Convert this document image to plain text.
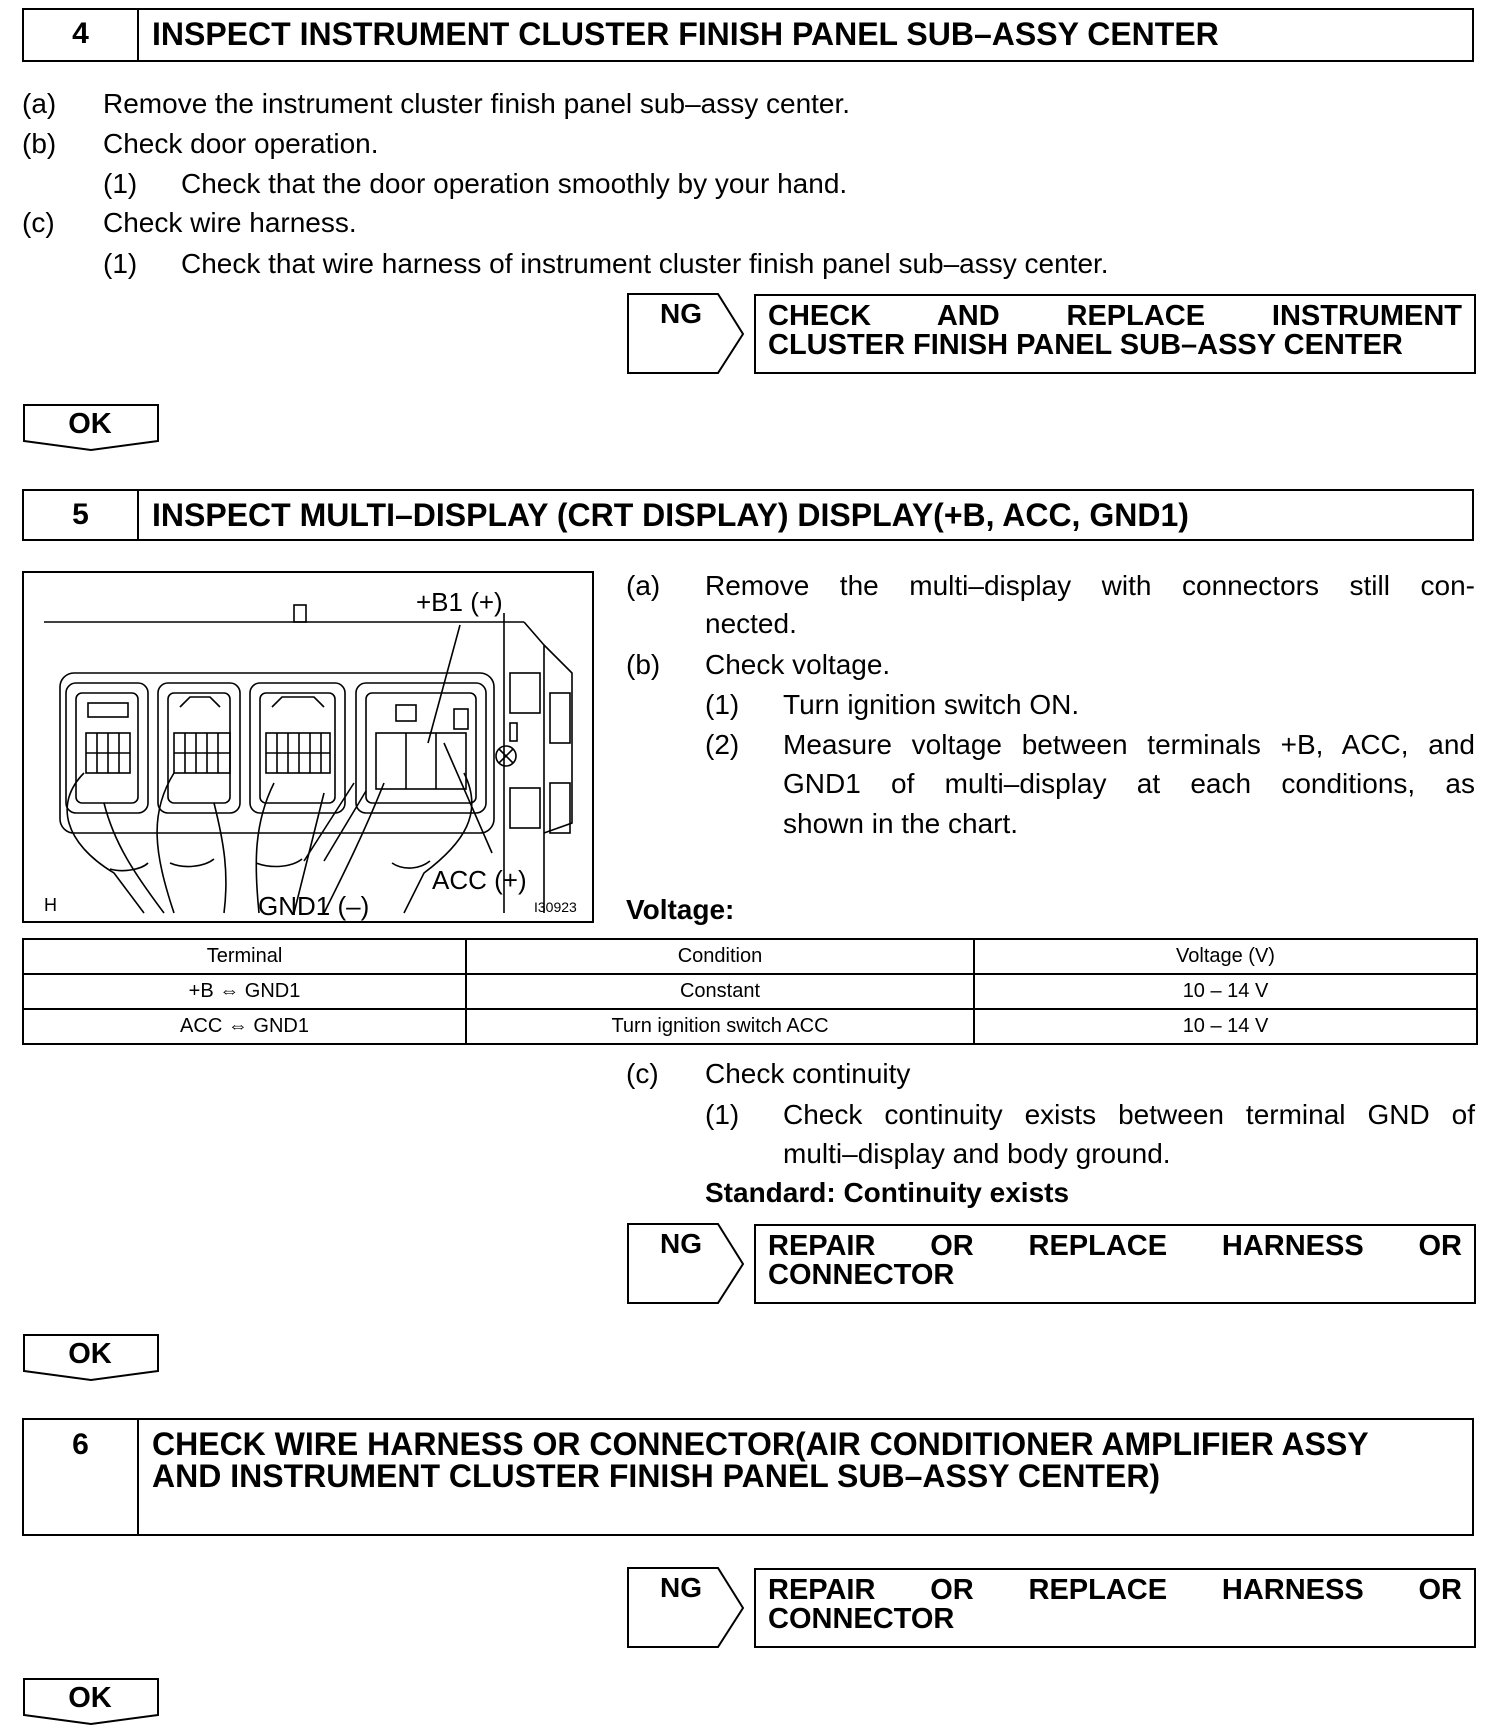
4	INSPECT INSTRUMENT CLUSTER FINISH PANEL SUB–ASSY CENTER
(a) Remove the instrument cluster finish panel sub–assy center.
(b) Check door operation.
(1) Check that the door operation smoothly by your hand.
(c) Check wire harness.
(1) Check that wire harness of instrument cluster finish panel sub–assy center.
NG CHECK AND REPLACE INSTRUMENT
CLUSTER FINISH PANEL SUB–ASSY CENTER
OK
5	INSPECT MULTI–DISPLAY (CRT DISPLAY) DISPLAY(+B, ACC, GND1)
+B1 (+)
ACC (+)
GND1 (–)
H	I30923
(a) Remove the multi–display with connectors still con-
nected.
(b) Check voltage.
(1) Turn ignition switch ON.
(2) Measure voltage between terminals +B, ACC, and
GND1 of multi–display at each conditions, as
shown in the chart.
Voltage:
Terminal	Condition	Voltage (V)
+B ⇔ GND1	Constant	10 – 14 V
ACC ⇔ GND1	Turn ignition switch ACC	10 – 14 V
(c) Check continuity
(1) Check continuity exists between terminal GND of
multi–display and body ground.
Standard: Continuity exists
NG REPAIR OR REPLACE HARNESS OR
CONNECTOR
OK
6	CHECK WIRE HARNESS OR CONNECTOR(AIR CONDITIONER AMPLIFIER ASSY
AND INSTRUMENT CLUSTER FINISH PANEL SUB–ASSY CENTER)
NG REPAIR OR REPLACE HARNESS OR
CONNECTOR
OK
